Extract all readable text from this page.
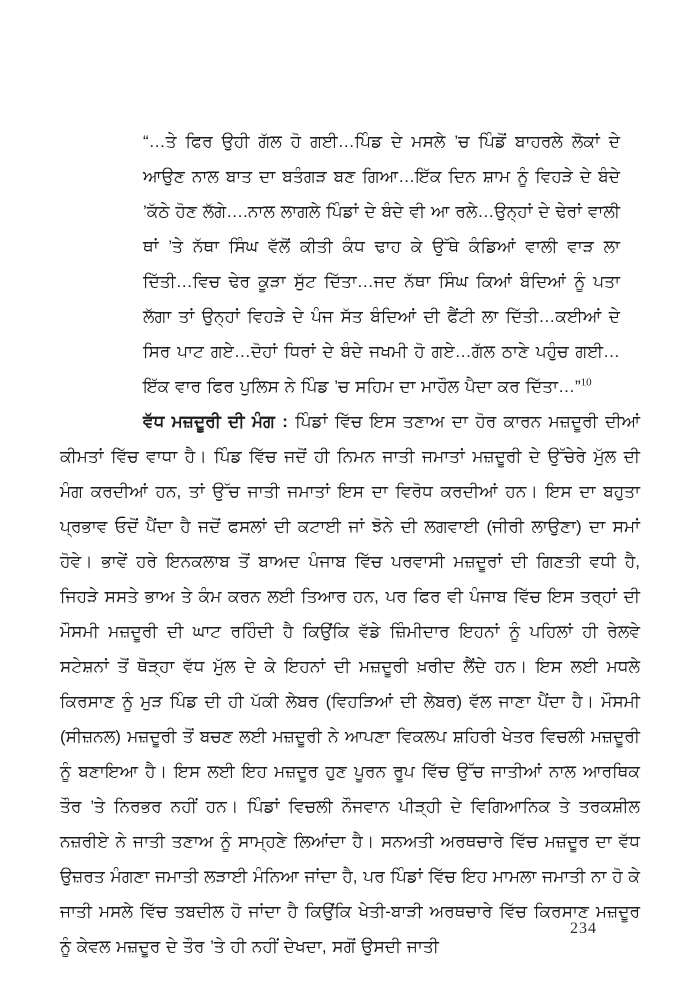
“…ਤੇ ਫਿਰ ਉਹੀ ਗੱਲ ਹੋ ਗਈ…ਪਿੰਡ ਦੇ ਮਸਲੇ ’ਚ ਪਿੰਡੋਂ ਬਾਹਰਲੇ ਲੋਕਾਂ ਦੇ ਆਉਣ ਨਾਲ ਬਾਤ ਦਾ ਬਤੰਗੜ ਬਣ ਗਿਆ…ਇੱਕ ਦਿਨ ਸ਼ਾਮ ਨੂੰ ਵਿਹੜੇ ਦੇ ਬੰਦੇ ’ਕੱਠੇ ਹੋਣ ਲੱਗੇ….ਨਾਲ ਲਾਗਲੇ ਪਿੰਡਾਂ ਦੇ ਬੰਦੇ ਵੀ ਆ ਰਲੇ…ਉਨ੍ਹਾਂ ਦੇ ਢੇਰਾਂ ਵਾਲੀ ਥਾਂ ’ਤੇ ਨੱਥਾ ਸਿੰਘ ਵੱਲੋਂ ਕੀਤੀ ਕੰਧ ਢਾਹ ਕੇ ਉੱਥੇ ਕੰਡਿਆਂ ਵਾਲੀ ਵਾੜ ਲਾ ਦਿੱਤੀ…ਵਿਚ ਢੇਰ ਕੂੜਾ ਸੁੱਟ ਦਿੱਤਾ…ਜਦ ਨੱਥਾ ਸਿੰਘ ਕਿਆਂ ਬੰਦਿਆਂ ਨੂੰ ਪਤਾ ਲੱਗਾ ਤਾਂ ਉਨ੍ਹਾਂ ਵਿਹੜੇ ਦੇ ਪੰਜ ਸੱਤ ਬੰਦਿਆਂ ਦੀ ਫੈਂਟੀ ਲਾ ਦਿੱਤੀ…ਕਈਆਂ ਦੇ ਸਿਰ ਪਾਟ ਗਏ…ਦੋਹਾਂ ਧਿਰਾਂ ਦੇ ਬੰਦੇ ਜਖਮੀ ਹੋ ਗਏ…ਗੱਲ ਠਾਣੇ ਪਹੁੰਚ ਗਈ…ਇੱਕ ਵਾਰ ਫਿਰ ਪੁਲਿਸ ਨੇ ਪਿੰਡ ’ਚ ਸਹਿਮ ਦਾ ਮਾਹੌਲ ਪੈਦਾ ਕਰ ਦਿੱਤਾ…”$^{10}$

ਵੱਧ ਮਜ਼ਦੂਰੀ ਦੀ ਮੰਗ : ਪਿੰਡਾਂ ਵਿੱਚ ਇਸ ਤਣਾਅ ਦਾ ਹੋਰ ਕਾਰਨ ਮਜ਼ਦੂਰੀ ਦੀਆਂ ਕੀਮਤਾਂ ਵਿੱਚ ਵਾਧਾ ਹੈ। ਪਿੰਡ ਵਿੱਚ ਜਦੋਂ ਹੀ ਨਿਮਨ ਜਾਤੀ ਜਮਾਤਾਂ ਮਜ਼ਦੂਰੀ ਦੇ ਉੱਚੇਰੇ ਮੁੱਲ ਦੀ ਮੰਗ ਕਰਦੀਆਂ ਹਨ, ਤਾਂ ਉੱਚ ਜਾਤੀ ਜਮਾਤਾਂ ਇਸ ਦਾ ਵਿਰੋਧ ਕਰਦੀਆਂ ਹਨ। ਇਸ ਦਾ ਬਹੁਤਾ ਪ੍ਰਭਾਵ ਓਦੋਂ ਪੈਂਦਾ ਹੈ ਜਦੋਂ ਫਸਲਾਂ ਦੀ ਕਟਾਈ ਜਾਂ ਝੋਨੇ ਦੀ ਲਗਵਾਈ (ਜੀਰੀ ਲਾਉਣਾ) ਦਾ ਸਮਾਂ ਹੋਵੇ। ਭਾਵੇਂ ਹਰੇ ਇਨਕਲਾਬ ਤੋਂ ਬਾਅਦ ਪੰਜਾਬ ਵਿੱਚ ਪਰਵਾਸੀ ਮਜ਼ਦੂਰਾਂ ਦੀ ਗਿਣਤੀ ਵਧੀ ਹੈ, ਜਿਹੜੇ ਸਸਤੇ ਭਾਅ ਤੇ ਕੰਮ ਕਰਨ ਲਈ ਤਿਆਰ ਹਨ, ਪਰ ਫਿਰ ਵੀ ਪੰਜਾਬ ਵਿੱਚ ਇਸ ਤਰ੍ਹਾਂ ਦੀ ਮੌਸਮੀ ਮਜ਼ਦੂਰੀ ਦੀ ਘਾਟ ਰਹਿੰਦੀ ਹੈ ਕਿਉਂਕਿ ਵੱਡੇ ਜ਼ਿੰਮੀਦਾਰ ਇਹਨਾਂ ਨੂੰ ਪਹਿਲਾਂ ਹੀ ਰੇਲਵੇ ਸਟੇਸ਼ਨਾਂ ਤੋਂ ਥੋੜ੍ਹਾ ਵੱਧ ਮੁੱਲ ਦੇ ਕੇ ਇਹਨਾਂ ਦੀ ਮਜ਼ਦੂਰੀ ਖ਼ਰੀਦ ਲੈਂਦੇ ਹਨ। ਇਸ ਲਈ ਮਧਲੇ ਕਿਰਸਾਣ ਨੂੰ ਮੁੜ ਪਿੰਡ ਦੀ ਹੀ ਪੱਕੀ ਲੇਬਰ (ਵਿਹੜਿਆਂ ਦੀ ਲੇਬਰ) ਵੱਲ ਜਾਣਾ ਪੈਂਦਾ ਹੈ। ਮੌਸਮੀ (ਸੀਜ਼ਨਲ) ਮਜ਼ਦੂਰੀ ਤੋਂ ਬਚਣ ਲਈ ਮਜ਼ਦੂਰੀ ਨੇ ਆਪਣਾ ਵਿਕਲਪ ਸ਼ਹਿਰੀ ਖੇਤਰ ਵਿਚਲੀ ਮਜ਼ਦੂਰੀ ਨੂੰ ਬਣਾਇਆ ਹੈ। ਇਸ ਲਈ ਇਹ ਮਜ਼ਦੂਰ ਹੁਣ ਪੂਰਨ ਰੂਪ ਵਿੱਚ ਉੱਚ ਜਾਤੀਆਂ ਨਾਲ ਆਰਥਿਕ ਤੌਰ ’ਤੇ ਨਿਰਭਰ ਨਹੀਂ ਹਨ। ਪਿੰਡਾਂ ਵਿਚਲੀ ਨੌਜਵਾਨ ਪੀੜ੍ਹੀ ਦੇ ਵਿਗਿਆਨਿਕ ਤੇ ਤਰਕਸ਼ੀਲ ਨਜ਼ਰੀਏ ਨੇ ਜਾਤੀ ਤਣਾਅ ਨੂੰ ਸਾਮ੍ਹਣੇ ਲਿਆਂਦਾ ਹੈ। ਸਨਅਤੀ ਅਰਥਚਾਰੇ ਵਿੱਚ ਮਜ਼ਦੂਰ ਦਾ ਵੱਧ ਉਜ਼ਰਤ ਮੰਗਣਾ ਜਮਾਤੀ ਲੜਾਈ ਮੰਨਿਆ ਜਾਂਦਾ ਹੈ, ਪਰ ਪਿੰਡਾਂ ਵਿੱਚ ਇਹ ਮਾਮਲਾ ਜਮਾਤੀ ਨਾ ਹੋ ਕੇ ਜਾਤੀ ਮਸਲੇ ਵਿੱਚ ਤਬਦੀਲ ਹੋ ਜਾਂਦਾ ਹੈ ਕਿਉਂਕਿ ਖੇਤੀ-ਬਾੜੀ ਅਰਥਚਾਰੇ ਵਿੱਚ ਕਿਰਸਾਣ ਮਜ਼ਦੂਰ ਨੂੰ ਕੇਵਲ ਮਜ਼ਦੂਰ ਦੇ ਤੌਰ ’ਤੇ ਹੀ ਨਹੀਂ ਦੇਖਦਾ, ਸਗੋਂ ਉਸਦੀ ਜਾਤੀ

234
